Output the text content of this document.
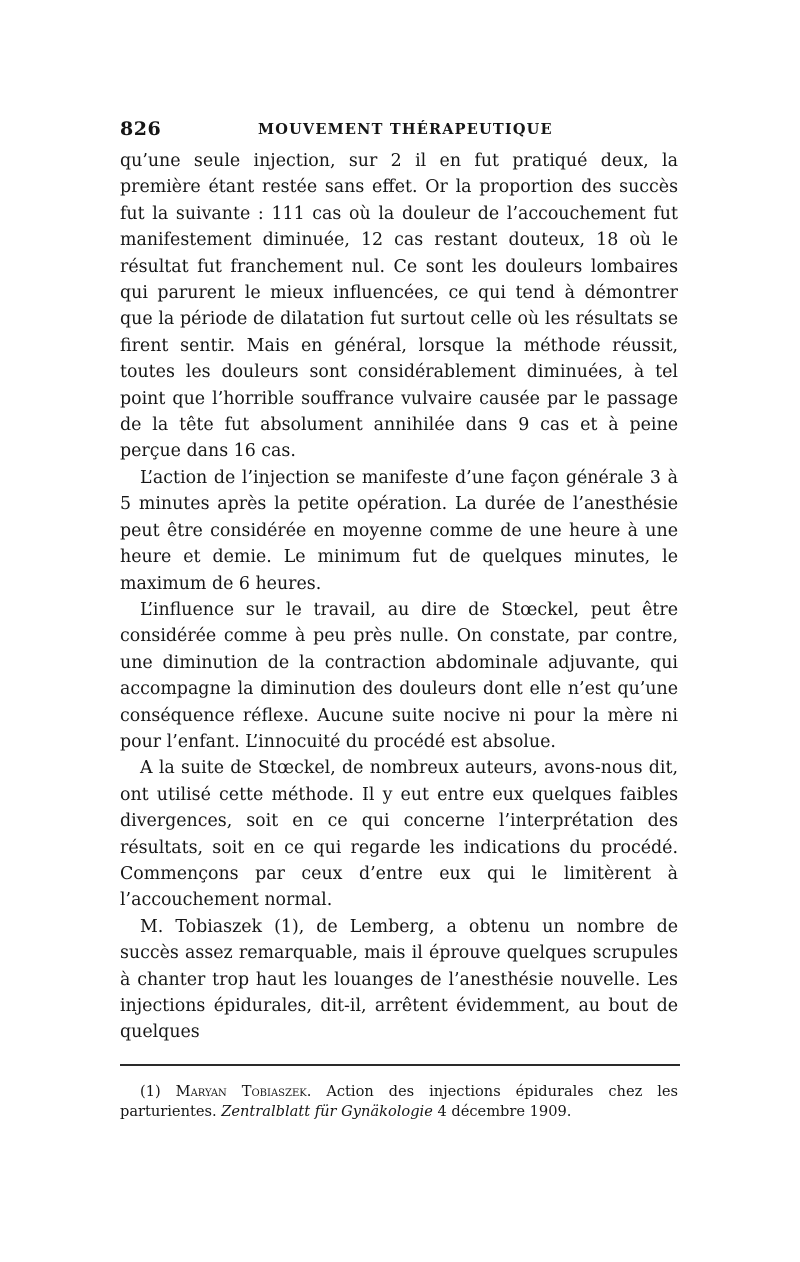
826	MOUVEMENT THÉRAPEUTIQUE

qu’une seule injection, sur 2 il en fut pratiqué deux, la première étant restée sans effet. Or la proportion des succès fut la suivante : 111 cas où la douleur de l’accouchement fut manifestement diminuée, 12 cas restant douteux, 18 où le résultat fut franchement nul. Ce sont les douleurs lombaires qui parurent le mieux influencées, ce qui tend à démontrer que la période de dilatation fut surtout celle où les résultats se firent sentir. Mais en général, lorsque la méthode réussit, toutes les douleurs sont considérablement diminuées, à tel point que l’horrible souffrance vulvaire causée par le passage de la tête fut absolument annihilée dans 9 cas et à peine perçue dans 16 cas.

L’action de l’injection se manifeste d’une façon générale 3 à 5 minutes après la petite opération. La durée de l’anesthésie peut être considérée en moyenne comme de une heure à une heure et demie. Le minimum fut de quelques minutes, le maximum de 6 heures.

L’influence sur le travail, au dire de Stœckel, peut être considérée comme à peu près nulle. On constate, par contre, une diminution de la contraction abdominale adjuvante, qui accompagne la diminution des douleurs dont elle n’est qu’une conséquence réflexe. Aucune suite nocive ni pour la mère ni pour l’enfant. L’innocuité du procédé est absolue.

A la suite de Stœckel, de nombreux auteurs, avons-nous dit, ont utilisé cette méthode. Il y eut entre eux quelques faibles divergences, soit en ce qui concerne l’interprétation des résultats, soit en ce qui regarde les indications du procédé. Commençons par ceux d’entre eux qui le limitèrent à l’accouchement normal.

M. Tobiaszek (1), de Lemberg, a obtenu un nombre de succès assez remarquable, mais il éprouve quelques scrupules à chanter trop haut les louanges de l’anesthésie nouvelle. Les injections épidurales, dit-il, arrêtent évidemment, au bout de quelques

(1) Maryan Tobiaszek. Action des injections épidurales chez les parturientes. Zentralblatt für Gynäkologie 4 décembre 1909.
